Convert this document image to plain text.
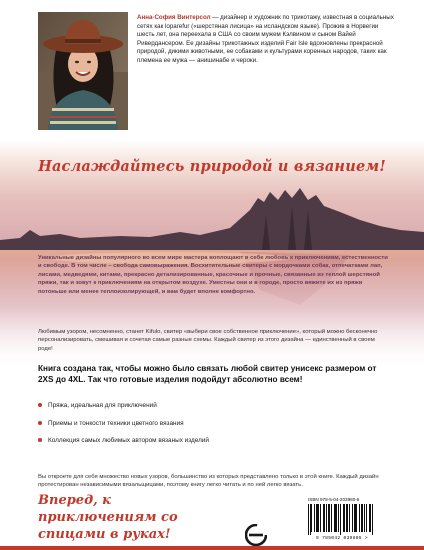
Анна-София Винтерсол — дизайнер и художник по трикотажу, известная в социальных сетях как loparefur («шерстяная лисица» на исландском языке). Прожив в Норвегии шесть лет, она переехала в США со своим мужем Кэлвином и сыном Вайей Ривердансером. Ее дизайны трикотажных изделий Fair Isle вдохновлены прекрасной природой, дикими животными, ее собаками и культурами коренных народов, таких как племена ее мужа — анишинабе и чероки.
Наслаждайтесь природой и вязанием!
Уникальные дизайны популярного во всем мире мастера воплощают в себе любовь к приключениям, естественности и свободе. В том числе – свобода самовыражения. Восхитительные свитеры с мордочками собак, отпечатками лап, лисами, медведями, китами, прекрасно детализированные, красочные и прочные, связанные из теплой шерстяной пряжи, так и зовут к приключениям на открытом воздухе. Уместны они и в городе, просто вяжите их из пряжи потоньше или менее теплоизолирующей, и вам будет вполне комфортно.
Любимым узором, несомненно, станет Kifulo, свитер «выбери свое собственное приключение», который можно бесконечно персонализировать, смешивая и сочетая самые разные схемы. Каждый свитер из этого дизайна — единственный в своем роде!
Книга создана так, чтобы можно было связать любой свитер унисекс размером от 2XS до 4XL. Так что готовые изделия подойдут абсолютно всем!
Пряжа, идеальная для приключений
Приемы и тонкости техники цветного вязания
Коллекция самых любимых автором вязаных изделий
Вы откроете для себя множество новых узоров, большинство из которых представлено только в этой книге. Каждый дизайн протестирован независимыми вязальщицами, поэтому книгу легко читать и по ней легко вязать.
Вперед, к приключениям со спицами в руках!
ISBN 978-5-04-203980-5
9 785042 039805 >
